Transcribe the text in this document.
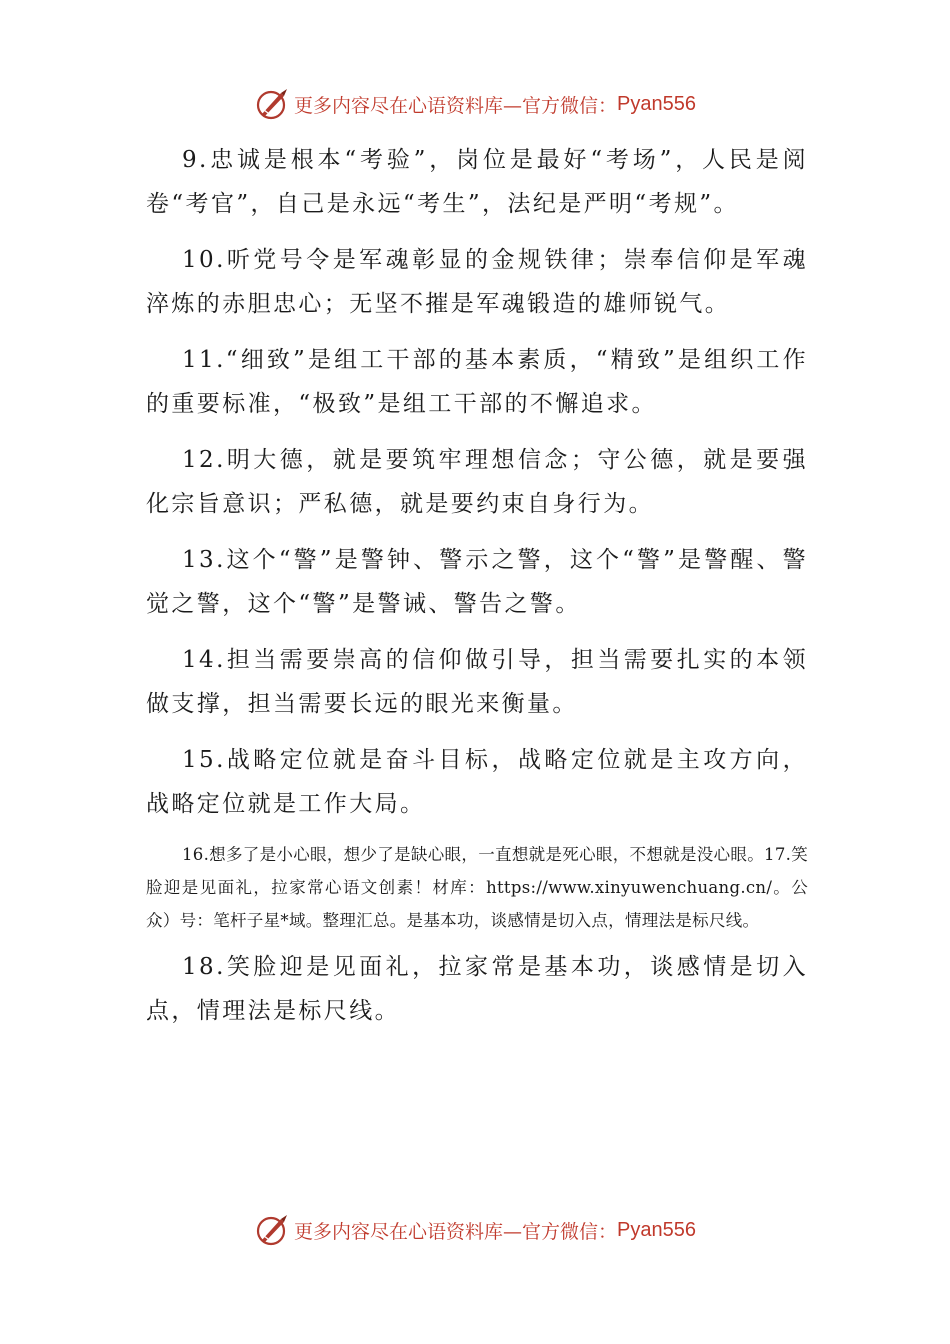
更多内容尽在心语资料库—官方微信： Pyan556

9.忠诚是根本“考验”，岗位是最好“考场”，人民是阅卷“考官”，自己是永远“考生”，法纪是严明“考规”。

10.听党号令是军魂彰显的金规铁律；崇奉信仰是军魂淬炼的赤胆忠心；无坚不摧是军魂锻造的雄师锐气。

11.“细致”是组工干部的基本素质，“精致”是组织工作的重要标准，“极致”是组工干部的不懈追求。

12.明大德，就是要筑牢理想信念；守公德，就是要强化宗旨意识；严私德，就是要约束自身行为。

13.这个“警”是警钟、警示之警，这个“警”是警醒、警觉之警，这个“警”是警诫、警告之警。

14.担当需要崇高的信仰做引导，担当需要扎实的本领做支撑，担当需要长远的眼光来衡量。

15.战略定位就是奋斗目标，战略定位就是主攻方向，战略定位就是工作大局。

16.想多了是小心眼，想少了是缺心眼，一直想就是死心眼，不想就是没心眼。17.笑脸迎是见面礼，拉家常心语文创素！材库：https://www.xinyuwenchuang.cn/。公众）号：笔杆子星*域。整理汇总。是基本功，谈感情是切入点，情理法是标尺线。

18.笑脸迎是见面礼，拉家常是基本功，谈感情是切入点，情理法是标尺线。

更多内容尽在心语资料库—官方微信： Pyan556
